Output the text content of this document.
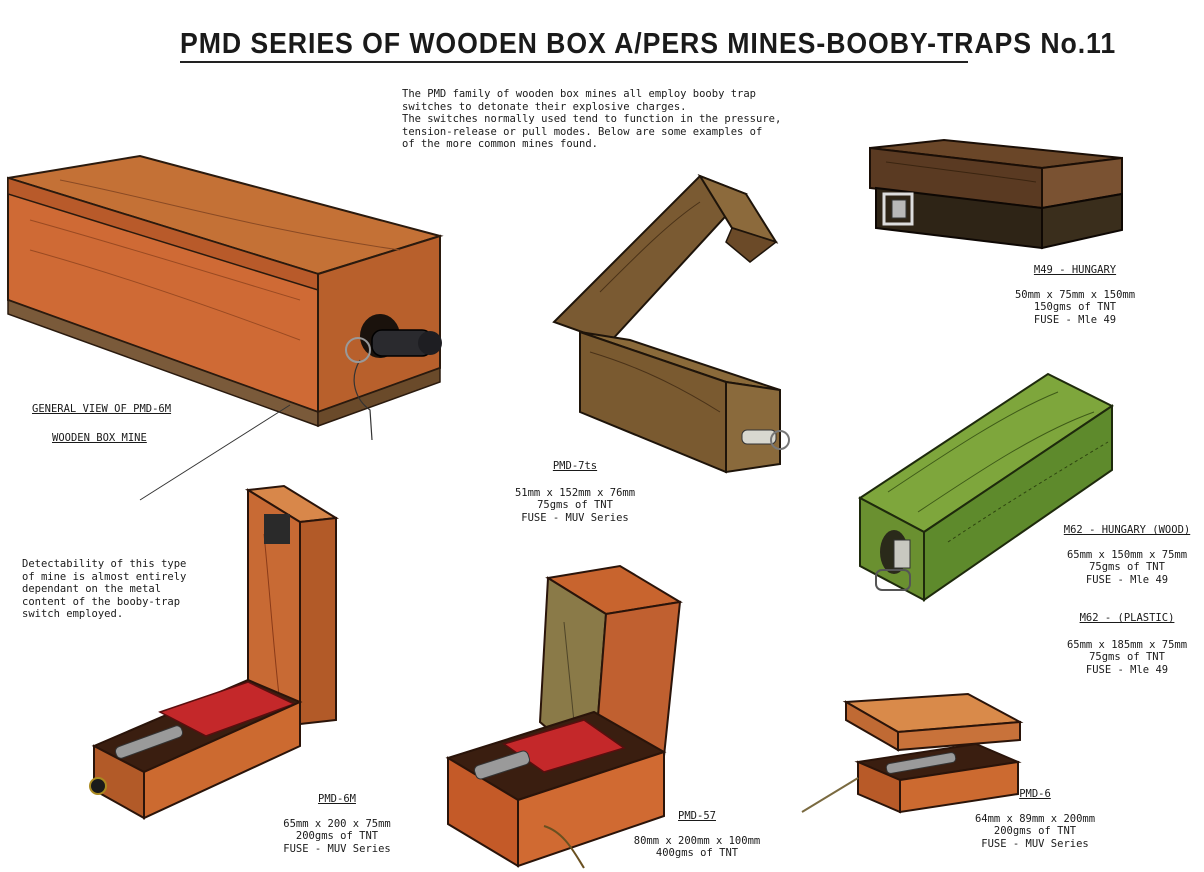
PMD SERIES OF WOODEN BOX A/PERS MINES-BOOBY-TRAPS No.11
The PMD family of wooden box mines all employ booby trap
switches to detonate their explosive charges.
The switches normally used tend to function in the pressure,
tension-release or pull modes. Below are some examples of
of the more common mines found.
GENERAL VIEW OF PMD-6M
WOODEN BOX MINE
Detectability of this type
of mine is almost entirely
dependant on the metal
content of the booby-trap
switch employed.
PMD-7ts
51mm x 152mm x 76mm
75gms of TNT
FUSE - MUV Series
M49 - HUNGARY
50mm x 75mm x 150mm
150gms of TNT
FUSE - Mle 49
M62 - HUNGARY (WOOD)
65mm x 150mm x 75mm
75gms of TNT
FUSE - Mle 49
M62 - (PLASTIC)
65mm x 185mm x 75mm
75gms of TNT
FUSE - Mle 49
PMD-6M
65mm x 200 x 75mm
200gms of TNT
FUSE - MUV Series
PMD-57
80mm x 200mm x 100mm
400gms of TNT
PMD-6
64mm x 89mm x 200mm
200gms of TNT
FUSE - MUV Series
